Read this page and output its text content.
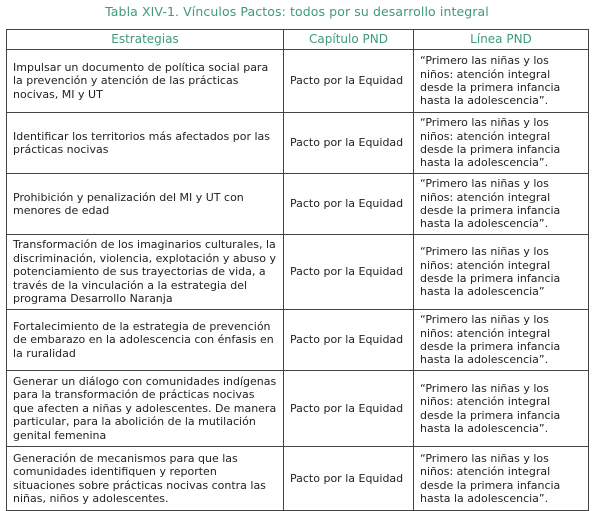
Tabla XIV-1. Vínculos Pactos: todos por su desarrollo integral
Estrategias	Capítulo PND	Línea PND
Impulsar un documento de política social para la prevención y atención de las prácticas nocivas, MI y UT	Pacto por la Equidad	“Primero las niñas y los niños: atención integral desde la primera infancia hasta la adolescencia”.
Identificar los territorios más afectados por las prácticas nocivas	Pacto por la Equidad	“Primero las niñas y los niños: atención integral desde la primera infancia hasta la adolescencia”.
Prohibición y penalización del MI y UT con menores de edad	Pacto por la Equidad	“Primero las niñas y los niños: atención integral desde la primera infancia hasta la adolescencia”.
Transformación de los imaginarios culturales, la discriminación, violencia, explotación y abuso y potenciamiento de sus trayectorias de vida, a través de la vinculación a la estrategia del programa Desarrollo Naranja	Pacto por la Equidad	“Primero las niñas y los niños: atención integral desde la primera infancia hasta la adolescencia”
Fortalecimiento de la estrategia de prevención de embarazo en la adolescencia con énfasis en la ruralidad	Pacto por la Equidad	“Primero las niñas y los niños: atención integral desde la primera infancia hasta la adolescencia”.
Generar un diálogo con comunidades indígenas para la transformación de prácticas nocivas que afecten a niñas y adolescentes. De manera particular, para la abolición de la mutilación genital femenina	Pacto por la Equidad	“Primero las niñas y los niños: atención integral desde la primera infancia hasta la adolescencia”.
Generación de mecanismos para que las comunidades identifiquen y reporten situaciones sobre prácticas nocivas contra las niñas, niños y adolescentes.	Pacto por la Equidad	“Primero las niñas y los niños: atención integral desde la primera infancia hasta la adolescencia”.
